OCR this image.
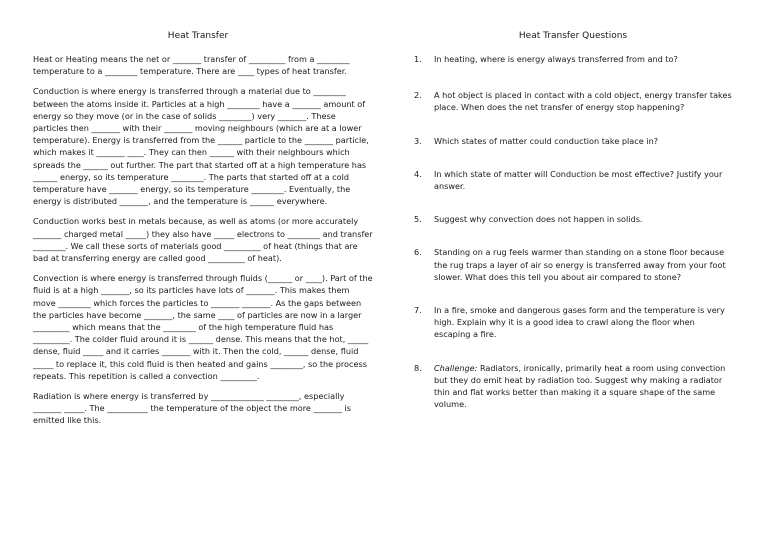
Heat Transfer

Heat or Heating means the net or _______ transfer of _________ from a ________ temperature to a ________ temperature. There are ____ types of heat transfer.

Conduction is where energy is transferred through a material due to ________ between the atoms inside it. Particles at a high ________ have a _______ amount of energy so they move (or in the case of solids ________) very _______. These particles then _______ with their _______ moving neighbours (which are at a lower temperature). Energy is transferred from the ______ particle to the _______ particle, which makes it _______ ____. They can then ______ with their neighbours which spreads the ______ out further. The part that started off at a high temperature has ______ energy, so its temperature ________. The parts that started off at a cold temperature have _______ energy, so its temperature ________. Eventually, the energy is distributed _______, and the temperature is ______ everywhere.

Conduction works best in metals because, as well as atoms (or more accurately _______ charged metal _____) they also have _____ electrons to ________ and transfer ________. We call these sorts of materials good _________ of heat (things that are bad at transferring energy are called good _________ of heat).

Convection is where energy is transferred through fluids (______ or ____). Part of the fluid is at a high _______, so its particles have lots of _______. This makes them move ________ which forces the particles to _______ _______. As the gaps between the particles have become _______, the same ____ of particles are now in a larger _________ which means that the ________ of the high temperature fluid has _________. The colder fluid around it is ______ dense. This means that the hot, _____ dense, fluid _____ and it carries _______ with it. Then the cold, ______ dense, fluid _____ to replace it, this cold fluid is then heated and gains ________, so the process repeats. This repetition is called a convection _________.

Radiation is where energy is transferred by _____________ ________, especially _______ _____. The __________ the temperature of the object the more _______ is emitted like this.

Heat Transfer Questions
1.	In heating, where is energy always transferred from and to?
2.	A hot object is placed in contact with a cold object, energy transfer takes place. When does the net transfer of energy stop happening?
3.	Which states of matter could conduction take place in?
4.	In which state of matter will Conduction be most effective? Justify your answer.
5.	Suggest why convection does not happen in solids.
6.	Standing on a rug feels warmer than standing on a stone floor because the rug traps a layer of air so energy is transferred away from your foot slower. What does this tell you about air compared to stone?
7.	In a fire, smoke and dangerous gases form and the temperature is very high. Explain why it is a good idea to crawl along the floor when escaping a fire.
8.	Challenge: Radiators, ironically, primarily heat a room using convection but they do emit heat by radiation too. Suggest why making a radiator thin and flat works better than making it a square shape of the same volume.
